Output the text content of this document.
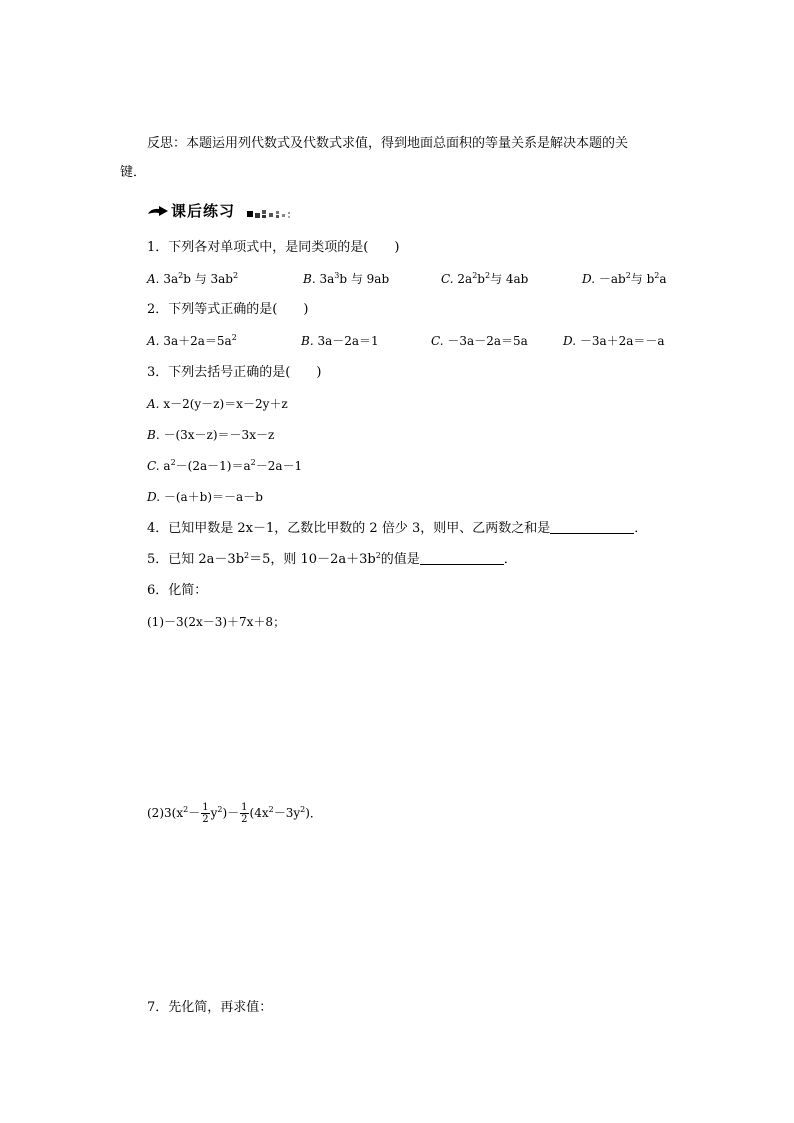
反思：本题运用列代数式及代数式求值，得到地面总面积的等量关系是解决本题的关
键．
课后练习
1．下列各对单项式中，是同类项的是(　　)
A. $3a^2b$ 与 $3ab^2$	B. $3a^3b$ 与 9ab	C. $2a^2b^2$与 4ab	D. $-ab^2$与 $b^2a$
2．下列等式正确的是(　　)
A. $3a+2a=5a^2$	B. 3a－2a＝1	C. －3a－2a＝5a	D. －3a＋2a＝－a
3．下列去括号正确的是(　　)
A. x－2(y－z)＝x－2y＋z
B. －(3x－z)＝－3x－z
C. $a^2-(2a-1)=a^2-2a-1$
D. －(a＋b)＝－a－b
4．已知甲数是 2x－1，乙数比甲数的 2 倍少 3，则甲、乙两数之和是	．
5．已知 $2a-3b^2=5$，则 $10-2a+3b^2$的值是	．
6．化简：
(1)－3(2x－3)＋7x＋8；
$(2)3(x^2- \frac{1}{2} y^2)- \frac{1}{2} (4x^2-3y^2)$．
7．先化简，再求值：
